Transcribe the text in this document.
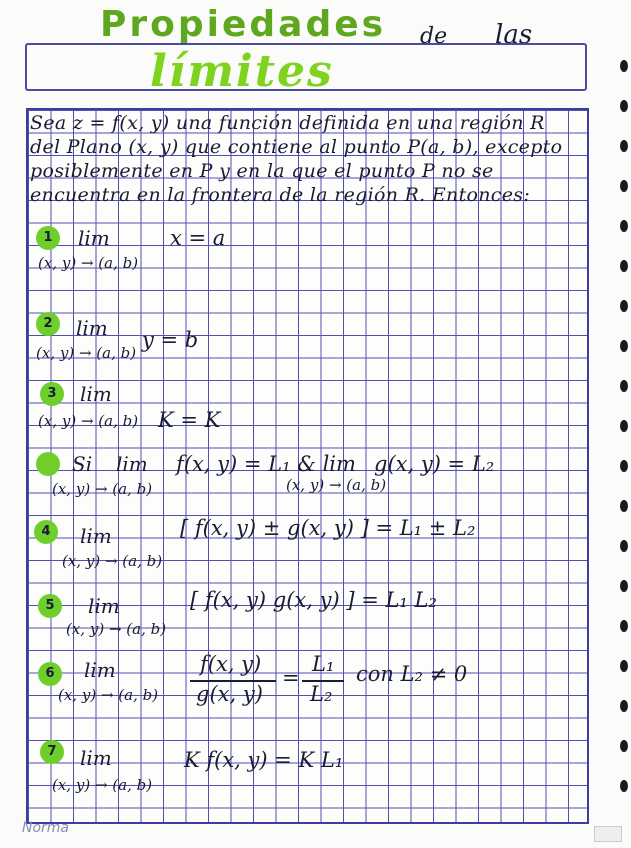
Propiedades	de las
límites
Sea z = f(x, y) una función definida en una región R
del Plano (x, y) que contiene al punto P(a, b), excepto
posiblemente en P y en la que el punto P no se
encuentra en la frontera de la región R. Entonces:
1	lim
(x, y) → (a, b)
x = a
2	lim
(x, y) → (a, b)
y = b
3	lim
(x, y) → (a, b) K = K
Si lim
(x, y) → (a, b)
f(x, y) = L₁ & lim
(x, y) → (a, b)
g(x, y) = L₂
4	lim
(x, y) → (a, b)
[ f(x, y) ± g(x, y) ] = L₁ ± L₂
5	lim
(x, y) → (a, b)
[ f(x, y) g(x, y) ] = L₁ L₂
6	lim
(x, y) → (a, b)
f(x, y)
g(x, y)
=
L₁
L₂
con L₂ ≠ 0
7	lim
(x, y) → (a, b)
K f(x, y) = K L₁
Norma
